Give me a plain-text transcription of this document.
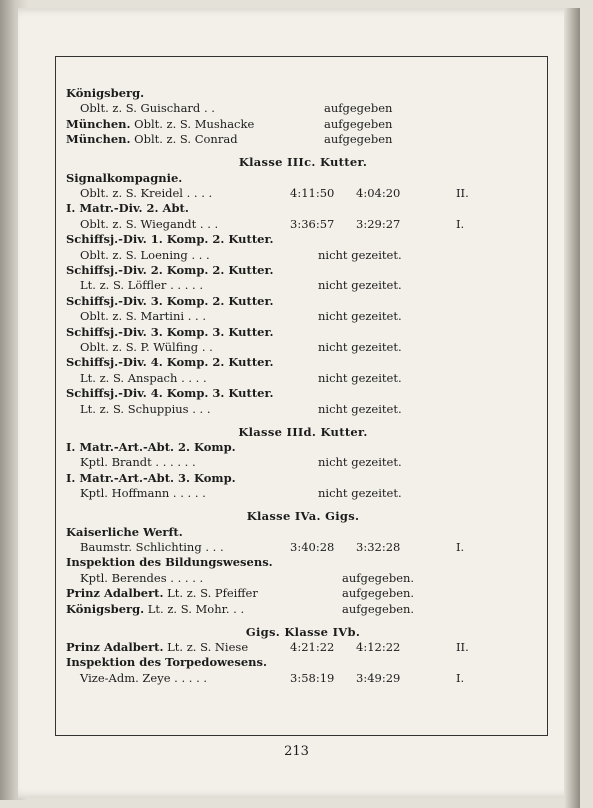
Königsberg.
Oblt. z. S. Guischard . .	aufgegeben
München. Oblt. z. S. Mushacke	aufgegeben
München. Oblt. z. S. Conrad	aufgegeben
Klasse IIIc. Kutter.
Signalkompagnie.
Oblt. z. S. Kreidel . . . .	4:11:50 4:04:20	II.
I. Matr.-Div. 2. Abt.
Oblt. z. S. Wiegandt . . .	3:36:57 3:29:27	I.
Schiffsj.-Div. 1. Komp. 2. Kutter.
Oblt. z. S. Loening . . .	nicht gezeitet.
Schiffsj.-Div. 2. Komp. 2. Kutter.
Lt. z. S. Löffler . . . . .	nicht gezeitet.
Schiffsj.-Div. 3. Komp. 2. Kutter.
Oblt. z. S. Martini . . .	nicht gezeitet.
Schiffsj.-Div. 3. Komp. 3. Kutter.
Oblt. z. S. P. Wülfing . .	nicht gezeitet.
Schiffsj.-Div. 4. Komp. 2. Kutter.
Lt. z. S. Anspach . . . .	nicht gezeitet.
Schiffsj.-Div. 4. Komp. 3. Kutter.
Lt. z. S. Schuppius . . .	nicht gezeitet.
Klasse IIId. Kutter.
I. Matr.-Art.-Abt. 2. Komp.
Kptl. Brandt . . . . . .	nicht gezeitet.
I. Matr.-Art.-Abt. 3. Komp.
Kptl. Hoffmann . . . . .	nicht gezeitet.
Klasse IVa. Gigs.
Kaiserliche Werft.
Baumstr. Schlichting . . .	3:40:28 3:32:28	I.
Inspektion des Bildungswesens.
Kptl. Berendes . . . . .	aufgegeben.
Prinz Adalbert. Lt. z. S. Pfeiffer	aufgegeben.
Königsberg. Lt. z. S. Mohr. . .	aufgegeben.
Gigs. Klasse IVb.
Prinz Adalbert. Lt. z. S. Niese	4:21:22 4:12:22	II.
Inspektion des Torpedowesens.
Vize-Adm. Zeye . . . . .	3:58:19 3:49:29	I.
213
